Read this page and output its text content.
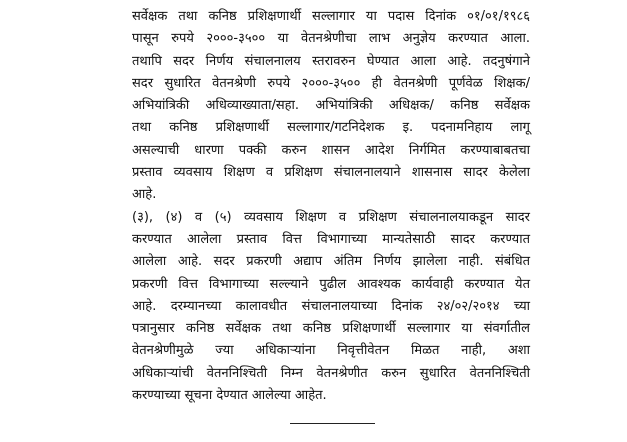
सर्वेक्षक तथा कनिष्ठ प्रशिक्षणार्थी सल्लागार या पदास दिनांक ०१/०१/१९८६
पासून रुपये २०००-३५०० या वेतनश्रेणीचा लाभ अनुज्ञेय करण्यात आला.
तथापि सदर निर्णय संचालनालय स्तरावरुन घेण्यात आला आहे. तदनुषंगाने
सदर सुधारित वेतनश्रेणी रुपये २०००-३५०० ही वेतनश्रेणी पूर्णवेळ शिक्षक/
अभियांत्रिकी अधिव्याख्याता/सहा. अभियांत्रिकी अधिक्षक/ कनिष्ठ सर्वेक्षक
तथा कनिष्ठ प्रशिक्षणार्थी सल्लागार/गटनिदेशक इ. पदनामनिहाय लागू
असल्याची धारणा पक्की करुन शासन आदेश निर्गमित करण्याबाबतचा
प्रस्ताव व्यवसाय शिक्षण व प्रशिक्षण संचालनालयाने शासनास सादर केलेला
आहे.
(३), (४) व (५) व्यवसाय शिक्षण व प्रशिक्षण संचालनालयाकडून सादर
करण्यात आलेला प्रस्ताव वित्त विभागाच्या मान्यतेसाठी सादर करण्यात
आलेला आहे. सदर प्रकरणी अद्याप अंतिम निर्णय झालेला नाही. संबंधित
प्रकरणी वित्त विभागाच्या सल्ल्याने पुढील आवश्यक कार्यवाही करण्यात येत
आहे. दरम्यानच्या कालावधीत संचालनालयाच्या दिनांक २४/०२/२०१४ च्या
पत्रानुसार कनिष्ठ सर्वेक्षक तथा कनिष्ठ प्रशिक्षणार्थी सल्लागार या संवर्गातील
वेतनश्रेणीमुळे ज्या अधिकाऱ्यांना निवृत्तीवेतन मिळत नाही, अशा
अधिकाऱ्यांची वेतननिश्चिती निम्न वेतनश्रेणीत करुन सुधारित वेतननिश्चिती
करण्याच्या सूचना देण्यात आलेल्या आहेत.
